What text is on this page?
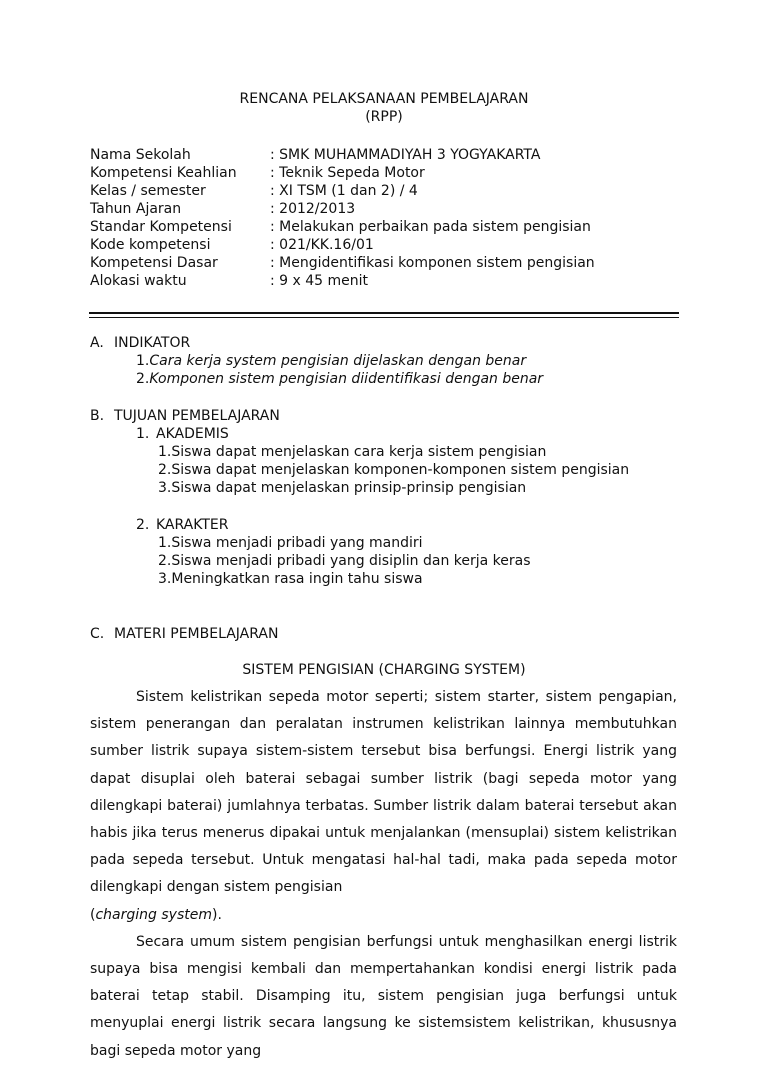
RENCANA PELAKSANAAN PEMBELAJARAN
(RPP)
Nama Sekolah	: SMK MUHAMMADIYAH 3 YOGYAKARTA
Kompetensi Keahlian : Teknik Sepeda Motor
Kelas / semester	: XI TSM (1 dan 2) / 4
Tahun Ajaran	: 2012/2013
Standar Kompetensi	: Melakukan perbaikan pada sistem pengisian
Kode kompetensi	: 021/KK.16/01
Kompetensi Dasar	: Mengidentifikasi komponen sistem pengisian
Alokasi waktu	: 9 x 45 menit
A. INDIKATOR
1.Cara kerja system pengisian dijelaskan dengan benar
2.Komponen sistem pengisian diidentifikasi dengan benar
B. TUJUAN PEMBELAJARAN
1. AKADEMIS
1.Siswa dapat menjelaskan cara kerja sistem pengisian
2.Siswa dapat menjelaskan komponen-komponen sistem pengisian
3.Siswa dapat menjelaskan prinsip-prinsip pengisian
2. KARAKTER
1.Siswa menjadi pribadi yang mandiri
2.Siswa menjadi pribadi yang disiplin dan kerja keras
3.Meningkatkan rasa ingin tahu siswa
C. MATERI PEMBELAJARAN
SISTEM PENGISIAN (CHARGING SYSTEM)

Sistem kelistrikan sepeda motor seperti; sistem starter, sistem pengapian, sistem penerangan dan peralatan instrumen kelistrikan lainnya membutuhkan sumber listrik supaya sistem-sistem tersebut bisa berfungsi. Energi listrik yang dapat disuplai oleh baterai sebagai sumber listrik (bagi sepeda motor yang dilengkapi baterai) jumlahnya terbatas. Sumber listrik dalam baterai tersebut akan habis jika terus menerus dipakai untuk menjalankan (mensuplai) sistem kelistrikan pada sepeda tersebut. Untuk mengatasi hal-hal tadi, maka pada sepeda motor dilengkapi dengan sistem pengisian
(charging system).

Secara umum sistem pengisian berfungsi untuk menghasilkan energi listrik supaya bisa mengisi kembali dan mempertahankan kondisi energi listrik pada baterai tetap stabil. Disamping itu, sistem pengisian juga berfungsi untuk menyuplai energi listrik secara langsung ke sistemsistem kelistrikan, khususnya bagi sepeda motor yang
